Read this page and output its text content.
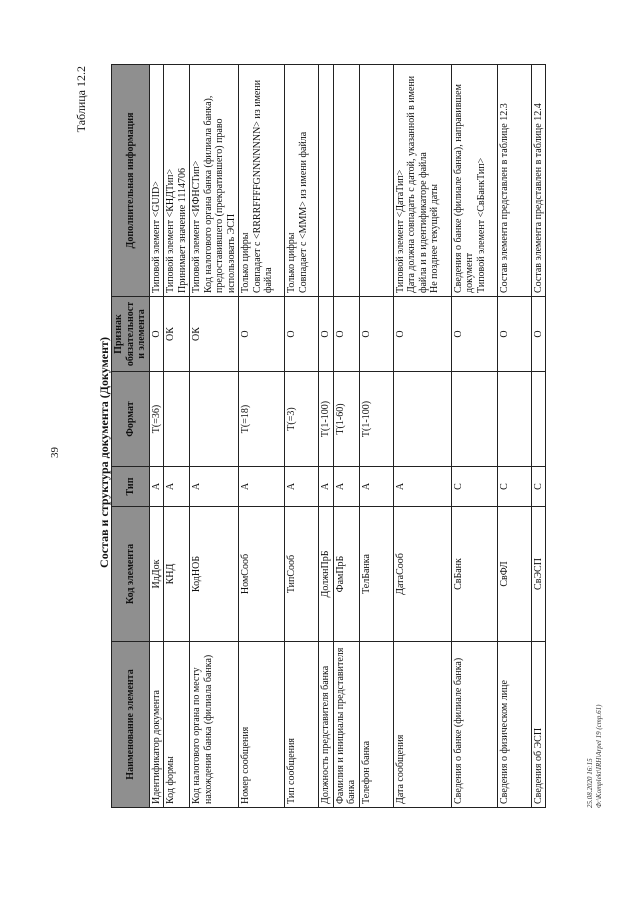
39
Таблица 12.2
Состав и структура документа (Документ)
Наименование элемента	Код элемента	Тип	Формат	Признак обязательности элемента	Дополнительная информация
Идентификатор документа	ИдДок	А	T(=36)	О	Типовой элемент <GUID>

Код формы	КНД	А		ОК	Типовой элемент <КНДТип> Принимает значение 1114706

Код налогового органа по месту нахождения банка (филиала банка)	КодНОБ	А		ОК	Типовой элемент <ИФНСТип> Код налогового органа банка (филиала банка), предоставившего (прекратившего) право использовать ЭСП

Номер сообщения	НомСооб	А	T(=18)	О	Только цифры Совпадает с <RRRRFFFFGNNNNNNN> из имени файла

Тип сообщения	ТипСооб	А	T(=3)	О	Только цифры Совпадает с <MMM> из имени файла

Должность представителя банка	ДолжнПрБ	А	T(1-100)	О	
Фамилия и инициалы представителя банка	ФамПрБ	А	T(1-60)	О	
Телефон банка	ТелБанка	А	T(1-100)	О	
Дата сообщения	ДатаСооб	А		О	Типовой элемент <ДатаТип> Дата должна совпадать с датой, указанной в имени файла и в идентификаторе файла Не позднее текущей даты

Сведения о банке (филиале банка)	СвБанк	С		О	Сведения о банке (филиале банка), направившем документ Типовой элемент <СвБанкТип>

Сведения о физическом лице	СвФЛ	С		О	Состав элемента представлен в таблице 12.3

Сведения об ЭСП	СвЭСП	С		О	Состав элемента представлен в таблице 12.4
25.08.2020 16:15 Ф:\Komplekt\IRH\Arpel 19 (стр.61)
